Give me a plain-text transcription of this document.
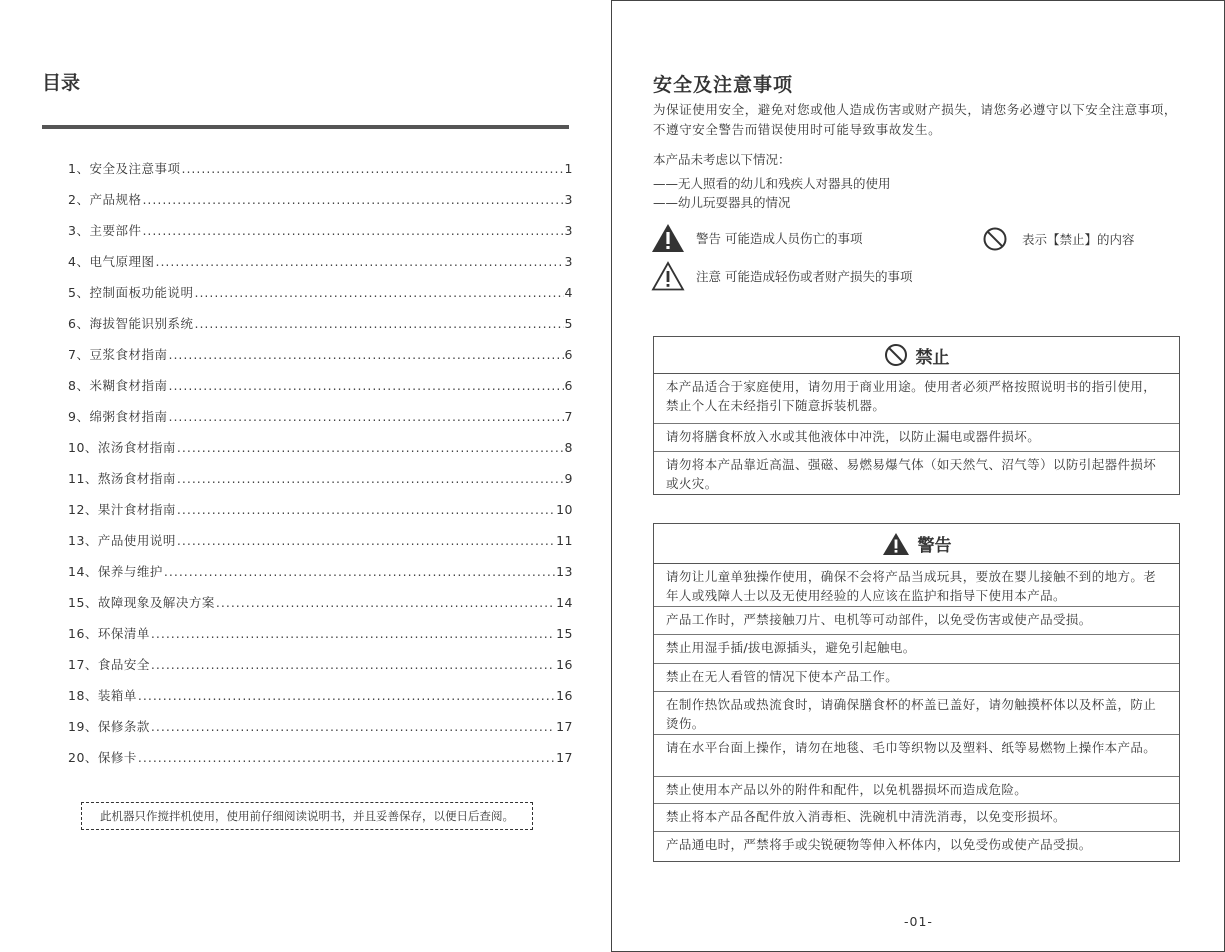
目录
1、安全及注意事项 .....	1
2、产品规格 .....	3
3、主要部件 .....	3
4、电气原理图 .....	3
5、控制面板功能说明 .....	4
6、海拔智能识别系统 .....	5
7、豆浆食材指南 .....	6
8、米糊食材指南 .....	6
9、绵粥食材指南 .....	7
10、浓汤食材指南 .....	8
11、熬汤食材指南 .....	9
12、果汁食材指南 .....	10
13、产品使用说明 .....	11
14、保养与维护 .....	13
15、故障现象及解决方案 .....	14
16、环保清单 .....	15
17、食品安全 .....	16
18、装箱单 .....	16
19、保修条款 .....	17
20、保修卡 .....	17
此机器只作搅拌机使用，使用前仔细阅读说明书，并且妥善保存，以便日后查阅。
安全及注意事项

为保证使用安全，避免对您或他人造成伤害或财产损失，请您务必遵守以下安全注意事项，不遵守安全警告而错误使用时可能导致事故发生。

本产品未考虑以下情况：
——无人照看的幼儿和残疾人对器具的使用
——幼儿玩耍器具的情况
警告 可能造成人员伤亡的事项
注意 可能造成轻伤或者财产损失的事项
表示【禁止】的内容
禁止
本产品适合于家庭使用，请勿用于商业用途。使用者必须严格按照说明书的指引使用，禁止个人在未经指引下随意拆装机器。
请勿将膳食杯放入水或其他液体中冲洗，以防止漏电或器件损坏。
请勿将本产品靠近高温、强磁、易燃易爆气体（如天然气、沼气等）以防引起器件损坏或火灾。
警告
请勿让儿童单独操作使用，确保不会将产品当成玩具，要放在婴儿接触不到的地方。老年人或残障人士以及无使用经验的人应该在监护和指导下使用本产品。
产品工作时，严禁接触刀片、电机等可动部件，以免受伤害或使产品受损。
禁止用湿手插/拔电源插头，避免引起触电。
禁止在无人看管的情况下使本产品工作。
在制作热饮品或热流食时，请确保膳食杯的杯盖已盖好，请勿触摸杯体以及杯盖，防止烫伤。
请在水平台面上操作，请勿在地毯、毛巾等织物以及塑料、纸等易燃物上操作本产品。
禁止使用本产品以外的附件和配件，以免机器损坏而造成危险。
禁止将本产品各配件放入消毒柜、洗碗机中清洗消毒，以免变形损坏。
产品通电时，严禁将手或尖锐硬物等伸入杯体内，以免受伤或使产品受损。
-01-
